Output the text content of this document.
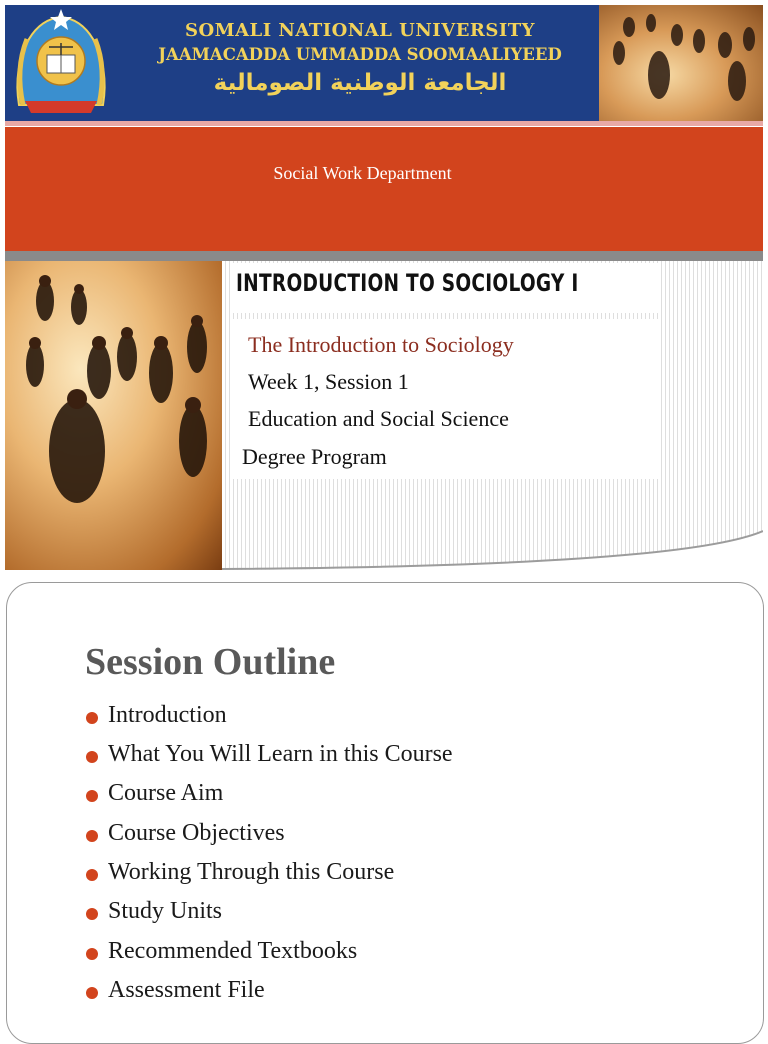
SOMALI NATIONAL UNIVERSITY
JAAMACADDA UMMADDA SOOMAALIYEED
الجامعة الوطنية الصومالية
Social Work Department
INTRODUCTION TO SOCIOLOGY I
The Introduction to Sociology
Week 1, Session 1
Education and Social Science
Degree Program
Session Outline
Introduction
What You Will Learn in this Course
Course Aim
Course Objectives
Working Through this Course
Study Units
Recommended Textbooks
Assessment File
